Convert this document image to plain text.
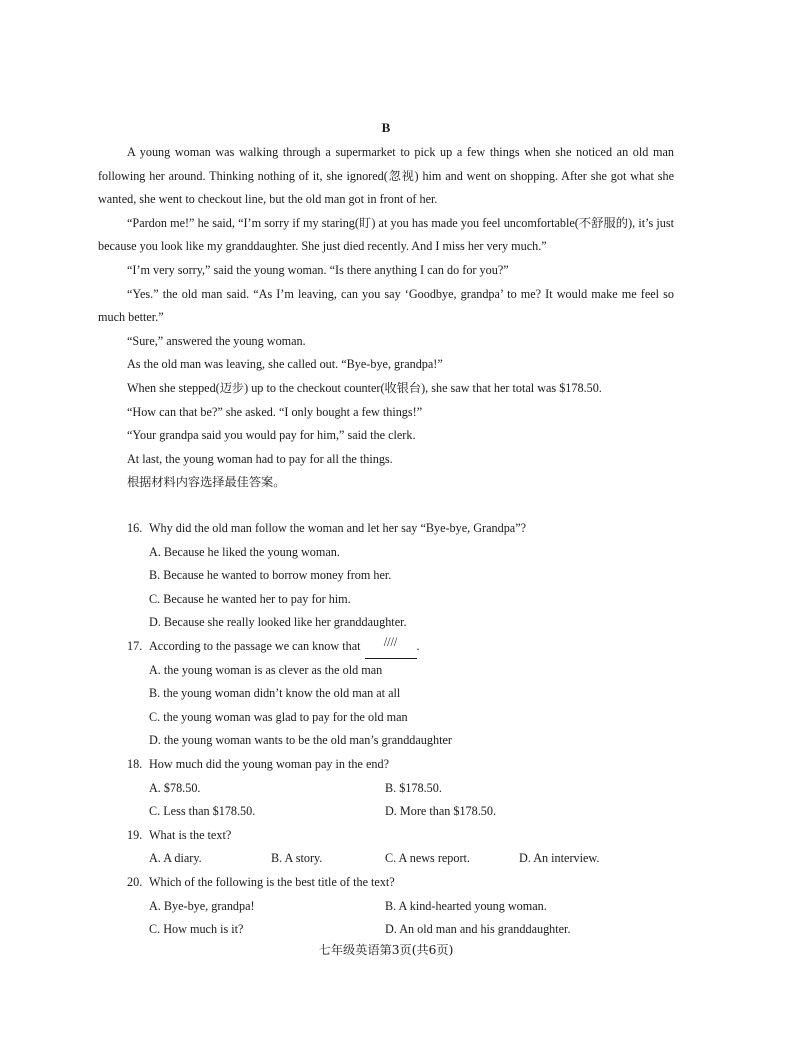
B

A young woman was walking through a supermarket to pick up a few things when she noticed an old man following her around. Thinking nothing of it, she ignored(忽视) him and went on shopping. After she got what she wanted, she went to checkout line, but the old man got in front of her.

“Pardon me!” he said, “I’m sorry if my staring(盯) at you has made you feel uncomfortable(不舒服的), it’s just because you look like my granddaughter. She just died recently. And I miss her very much.”

“I’m very sorry,” said the young woman. “Is there anything I can do for you?”

“Yes.” the old man said. “As I’m leaving, can you say ‘Goodbye, grandpa’ to me? It would make me feel so much better.”

“Sure,” answered the young woman.

As the old man was leaving, she called out. “Bye-bye, grandpa!”

When she stepped(迈步) up to the checkout counter(收银台), she saw that her total was $178.50.

“How can that be?” she asked. “I only bought a few things!”

“Your grandpa said you would pay for him,” said the clerk.

At last, the young woman had to pay for all the things.

根据材料内容选择最佳答案。

16. Why did the old man follow the woman and let her say “Bye-bye, Grandpa”?
A. Because he liked the young woman.
B. Because he wanted to borrow money from her.
C. Because he wanted her to pay for him.
D. Because she really looked like her granddaughter.
17. According to the passage we can know that	////	.
A. the young woman is as clever as the old man
B. the young woman didn’t know the old man at all
C. the young woman was glad to pay for the old man
D. the young woman wants to be the old man’s granddaughter
18. How much did the young woman pay in the end?
A. $78.50.	B. $178.50.
C. Less than $178.50.	D. More than $178.50.
19. What is the text?
A. A diary.	B. A story.	C. A news report.	D. An interview.
20. Which of the following is the best title of the text?
A. Bye-bye, grandpa!	B. A kind-hearted young woman.
C. How much is it?	D. An old man and his granddaughter.
七年级英语第3页(共6页)
